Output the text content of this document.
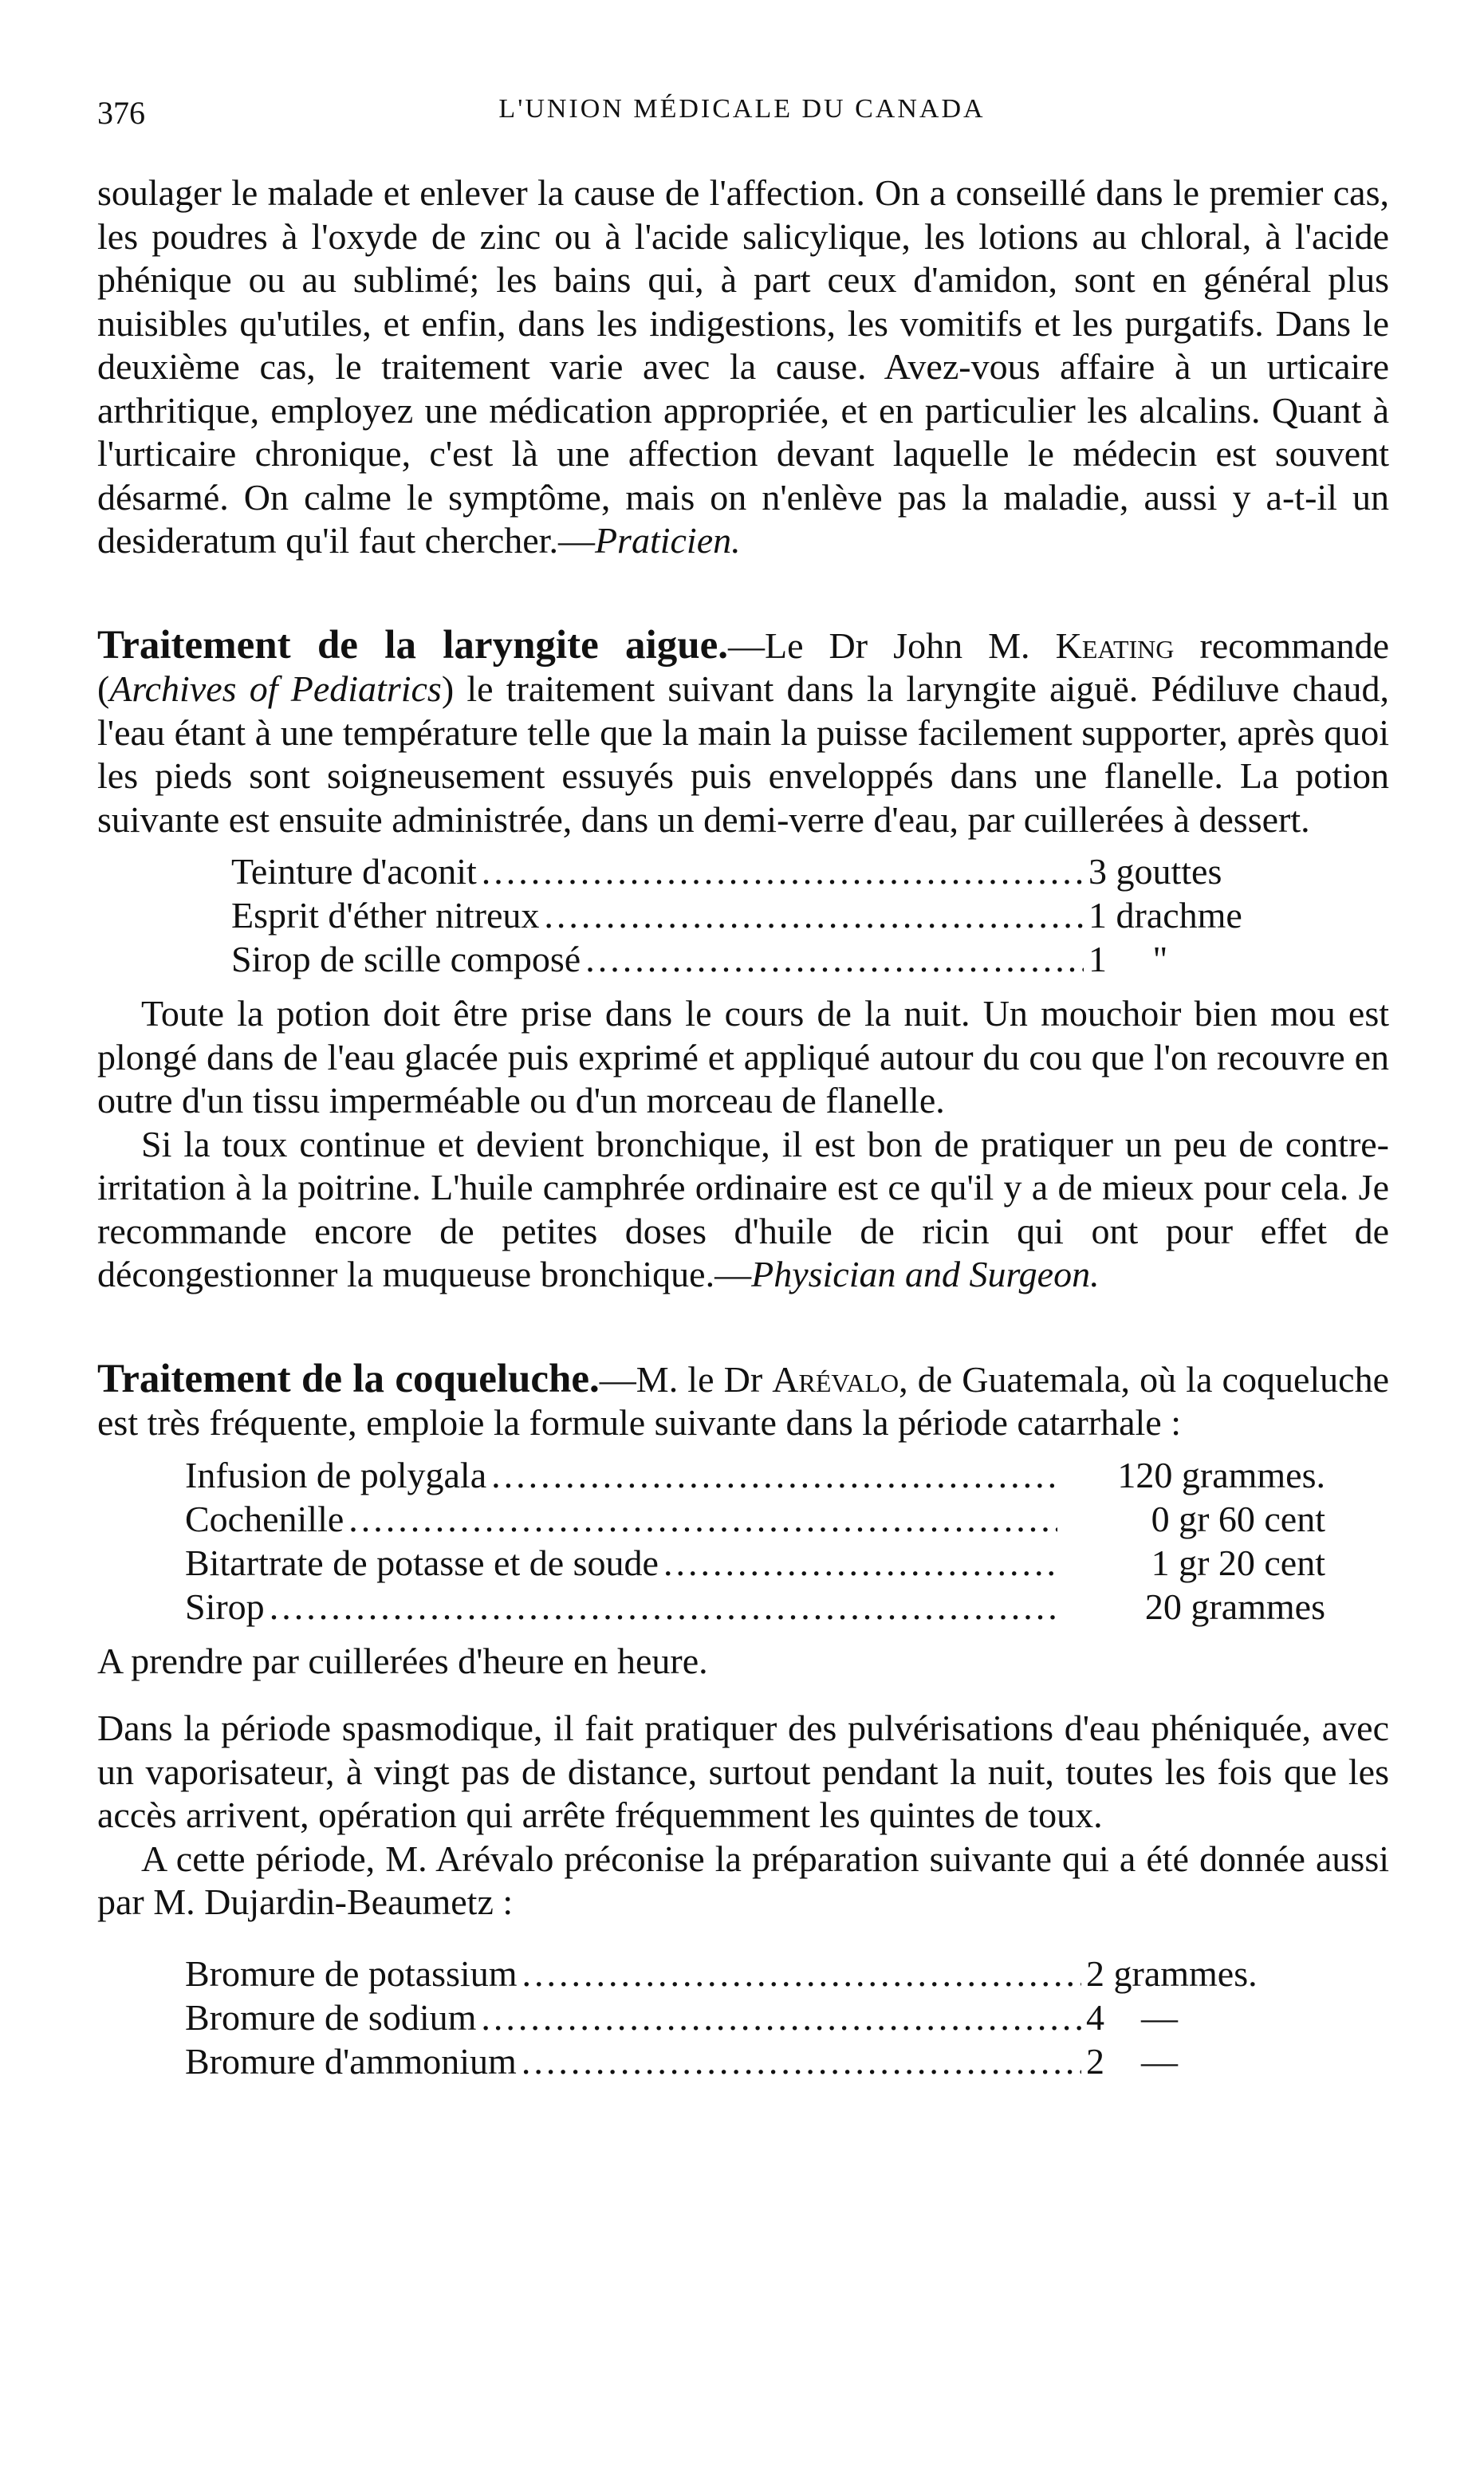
376	L'UNION MÉDICALE DU CANADA

soulager le malade et enlever la cause de l'affection. On a conseillé dans le premier cas, les poudres à l'oxyde de zinc ou à l'acide salicylique, les lotions au chloral, à l'acide phénique ou au sublimé; les bains qui, à part ceux d'amidon, sont en général plus nuisibles qu'utiles, et enfin, dans les indigestions, les vomitifs et les purgatifs. Dans le deuxième cas, le traitement varie avec la cause. Avez-vous affaire à un urticaire arthritique, employez une médication appropriée, et en particulier les alcalins. Quant à l'urticaire chronique, c'est là une affection devant laquelle le médecin est souvent désarmé. On calme le symptôme, mais on n'enlève pas la maladie, aussi y a-t-il un desideratum qu'il faut chercher.—Praticien.

Traitement de la laryngite aigue.—Le Dr John M. Keating recommande (Archives of Pediatrics) le traitement suivant dans la laryngite aiguë. Pédiluve chaud, l'eau étant à une température telle que la main la puisse facilement supporter, après quoi les pieds sont soigneusement essuyés puis enveloppés dans une flanelle. La potion suivante est ensuite administrée, dans un demi-verre d'eau, par cuillerées à dessert.

Teinture d'aconit .....	3 gouttes
Esprit d'éther nitreux .....	1 drachme
Sirop de scille composé .....	1     "

Toute la potion doit être prise dans le cours de la nuit. Un mouchoir bien mou est plongé dans de l'eau glacée puis exprimé et appliqué autour du cou que l'on recouvre en outre d'un tissu imperméable ou d'un morceau de flanelle.

Si la toux continue et devient bronchique, il est bon de pratiquer un peu de contre-irritation à la poitrine. L'huile camphrée ordinaire est ce qu'il y a de mieux pour cela. Je recommande encore de petites doses d'huile de ricin qui ont pour effet de décongestionner la muqueuse bronchique.—Physician and Surgeon.

Traitement de la coqueluche.—M. le Dr Arévalo, de Guatemala, où la coqueluche est très fréquente, emploie la formule suivante dans la période catarrhale :

Infusion de polygala .....	120 grammes.
Cochenille .....	0 gr 60 cent
Bitartrate de potasse et de soude .....	1 gr 20 cent
Sirop .....	20 grammes

A prendre par cuillerées d'heure en heure.

Dans la période spasmodique, il fait pratiquer des pulvérisations d'eau phéniquée, avec un vaporisateur, à vingt pas de distance, surtout pendant la nuit, toutes les fois que les accès arrivent, opération qui arrête fréquemment les quintes de toux.

A cette période, M. Arévalo préconise la préparation suivante qui a été donnée aussi par M. Dujardin-Beaumetz :

Bromure de potassium .....	2 grammes.
Bromure de sodium .....	4    —
Bromure d'ammonium .....	2    —
